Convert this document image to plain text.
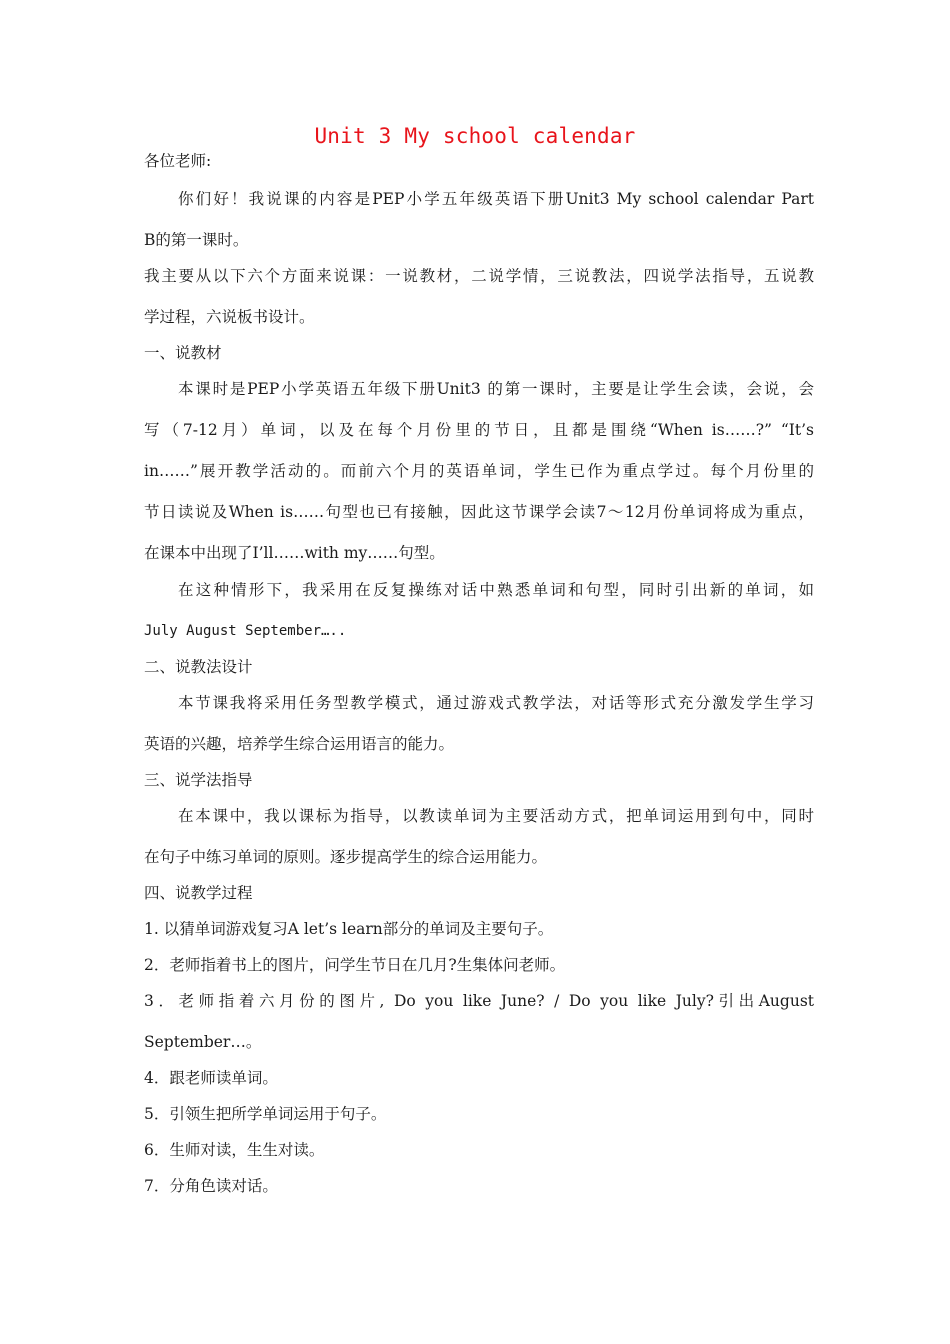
Unit 3 My school calendar
各位老师:
你们好！我说课的内容是PEP小学五年级英语下册Unit3 My school calendar Part
B的第一课时。
我主要从以下六个方面来说课：一说教材，二说学情，三说教法，四说学法指导，五说教
学过程，六说板书设计。
一、说教材
本课时是PEP小学英语五年级下册Unit3 的第一课时，主要是让学生会读，会说，会
写（7-12月）单词，以及在每个月份里的节日，且都是围绕“When is……?” “It’s
in……”展开教学活动的。而前六个月的英语单词，学生已作为重点学过。每个月份里的
节日读说及When is……句型也已有接触，因此这节课学会读7～12月份单词将成为重点，
在课本中出现了I’ll……with my……句型。
在这种情形下，我采用在反复操练对话中熟悉单词和句型，同时引出新的单词，如
July August September…..
二、说教法设计
本节课我将采用任务型教学模式，通过游戏式教学法，对话等形式充分激发学生学习
英语的兴趣，培养学生综合运用语言的能力。
三、说学法指导
在本课中，我以课标为指导，以教读单词为主要活动方式，把单词运用到句中，同时
在句子中练习单词的原则。逐步提高学生的综合运用能力。
四、说教学过程
1. 以猜单词游戏复习A let’s learn部分的单词及主要句子。
2．老师指着书上的图片，问学生节日在几月?生集体问老师。
3．老师指着六月份的图片, Do you like June? / Do you like July?引出August
September…。
4．跟老师读单词。
5．引领生把所学单词运用于句子。
6．生师对读，生生对读。
7．分角色读对话。
